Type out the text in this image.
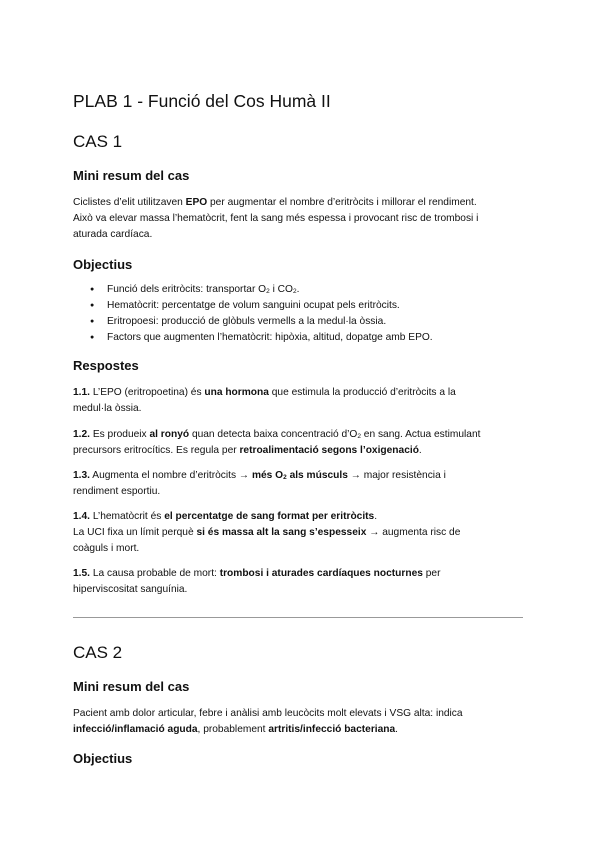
PLAB 1 - Funció del Cos Humà II
CAS 1
Mini resum del cas

Ciclistes d’elit utilitzaven EPO per augmentar el nombre d’eritròcits i millorar el rendiment.

Això va elevar massa l’hematòcrit, fent la sang més espessa i provocant risc de trombosi i

aturada cardíaca.

Objectius
● Funció dels eritròcits: transportar $O_2$ i $CO_2$.
● Hematòcrit: percentatge de volum sanguini ocupat pels eritròcits.
● Eritropoesi: producció de glòbuls vermells a la medul·la òssia.
● Factors que augmenten l’hematòcrit: hipòxia, altitud, dopatge amb EPO.
Respostes

1.1. L’EPO (eritropoetina) és una hormona que estimula la producció d’eritròcits a la

medul·la òssia.

1.2. Es produeix al ronyó quan detecta baixa concentració $d’O_2$ en sang. Actua estimulant

precursors eritrocítics. Es regula per retroalimentació segons l’oxigenació.

1.3. Augmenta el nombre d’eritròcits → més $O_2$ als músculs → major resistència i

rendiment esportiu.

1.4. L’hematòcrit és el percentatge de sang format per eritròcits.

La UCI fixa un límit perquè si és massa alt la sang s’espesseix → augmenta risc de

coàguls i mort.

1.5. La causa probable de mort: trombosi i aturades cardíaques nocturnes per

hiperviscositat sanguínia.

CAS 2
Mini resum del cas

Pacient amb dolor articular, febre i anàlisi amb leucòcits molt elevats i VSG alta: indica

infecció/inflamació aguda, probablement artritis/infecció bacteriana.

Objectius
